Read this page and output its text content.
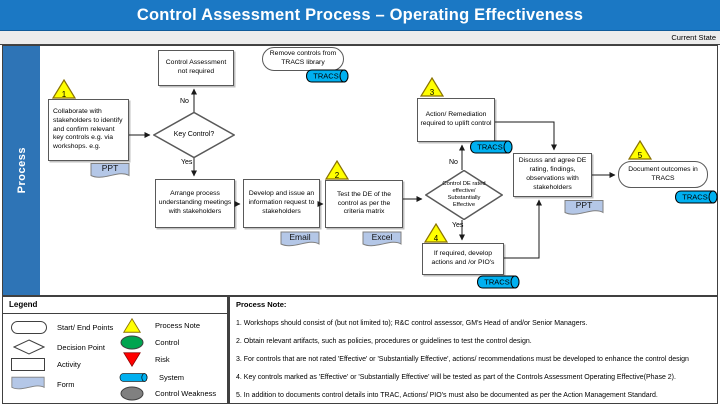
Control Assessment Process – Operating Effectiveness
Current State
Process
1
2
3
4
5
Collaborate with stakeholders to identify and confirm relevant key controls e.g. via workshops. e.g.
Control Assessment not required
Arrange process understanding meetings with stakeholders
Develop and issue an information request to stakeholders
Test the DE of the control as per the criteria matrix
Action/ Remediation required to uplift control
If required, develop actions and /or PIO's
Discuss and agree DE rating, findings, observations with stakeholders
Remove controls from TRACS library
Document outcomes in TRACS
Key Control?
Control DE rated effective/ Substantially Effective
No
Yes	No
Yes
PPT
Email	Excel
PPT
TRACS
TRACS
TRACS
TRACS
Legend
Start/ End Points
Decision Point
Activity
Form
Process Note
Control
Risk
System
Control Weakness
Process Note:
1. Workshops should consist of (but not limited to); R&C control assessor, GM's Head of and/or Senior Managers.
2. Obtain relevant artifacts, such as policies, procedures or guidelines to test the control design.
3. For controls that are not rated 'Effective' or 'Substantially Effective', actions/ recommendations must be developed to enhance the control design
4. Key controls marked as 'Effective' or 'Substantially Effective' will be tested as part of the Controls Assessment Operating Effective(Phase 2).
5. In addition to documents control details into TRAC, Actions/ PIO's must also be documented as per the Action Management Standard.
